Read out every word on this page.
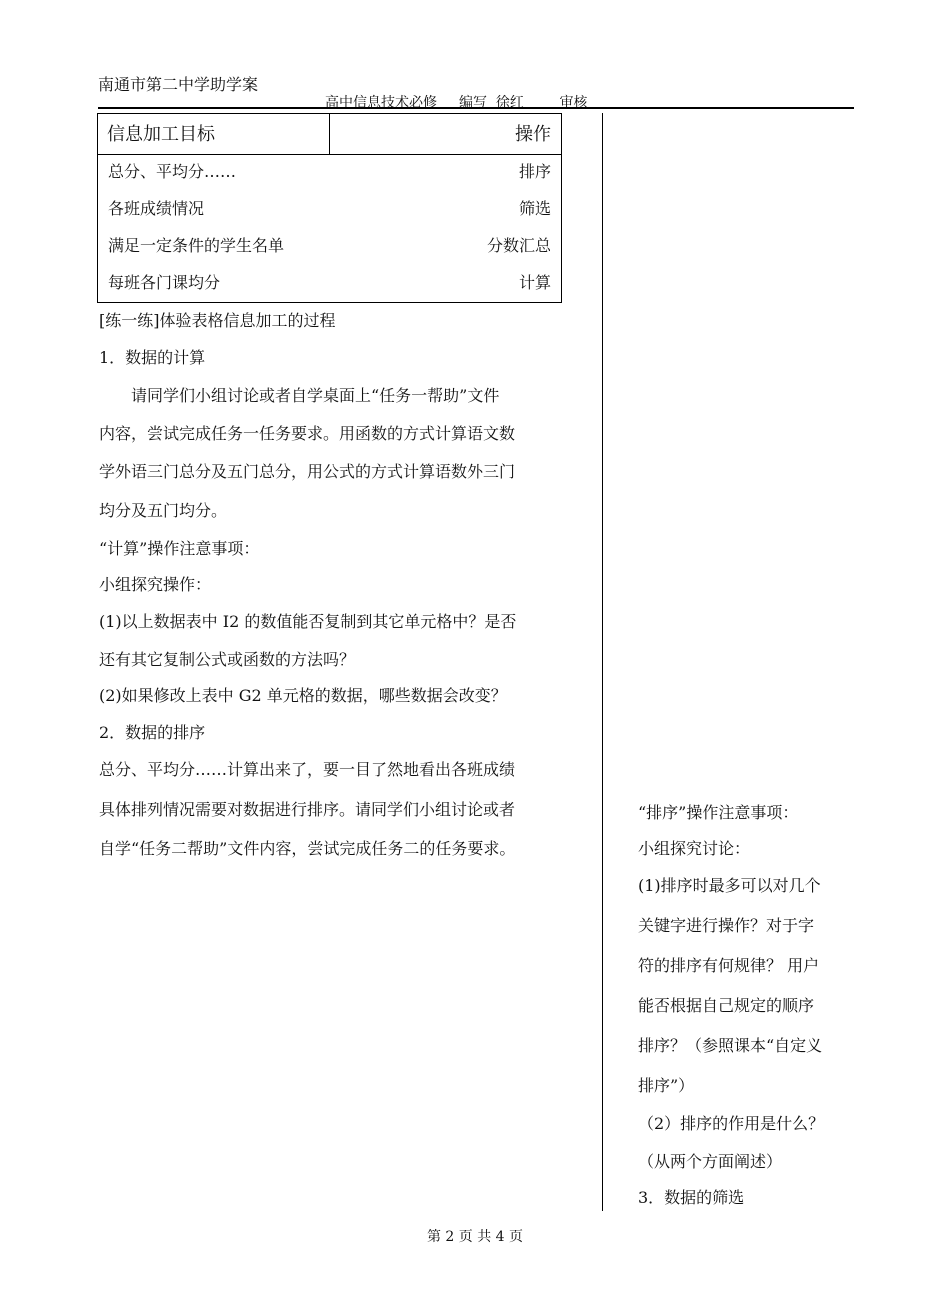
南通市第二中学助学案
高中信息技术必修 编写 徐红	审核
信息加工目标	操作
总分、平均分……	排序
各班成绩情况	筛选
满足一定条件的学生名单	分数汇总
每班各门课均分	计算
[练一练]体验表格信息加工的过程
1．数据的计算
请同学们小组讨论或者自学桌面上“任务一帮助”文件
内容，尝试完成任务一任务要求。用函数的方式计算语文数
学外语三门总分及五门总分，用公式的方式计算语数外三门
均分及五门均分。
“计算”操作注意事项：
小组探究操作：
(1)以上数据表中 I2 的数值能否复制到其它单元格中？是否
还有其它复制公式或函数的方法吗？
(2)如果修改上表中 G2 单元格的数据，哪些数据会改变？
2．数据的排序
总分、平均分……计算出来了，要一目了然地看出各班成绩
具体排列情况需要对数据进行排序。请同学们小组讨论或者
自学“任务二帮助”文件内容，尝试完成任务二的任务要求。
“排序”操作注意事项：
小组探究讨论：
(1)排序时最多可以对几个
关键字进行操作？对于字
符的排序有何规律？ 用户
能否根据自己规定的顺序
排序？（参照课本“自定义
排序”）
（2）排序的作用是什么？
（从两个方面阐述）
3．数据的筛选
第 2 页 共 4 页
